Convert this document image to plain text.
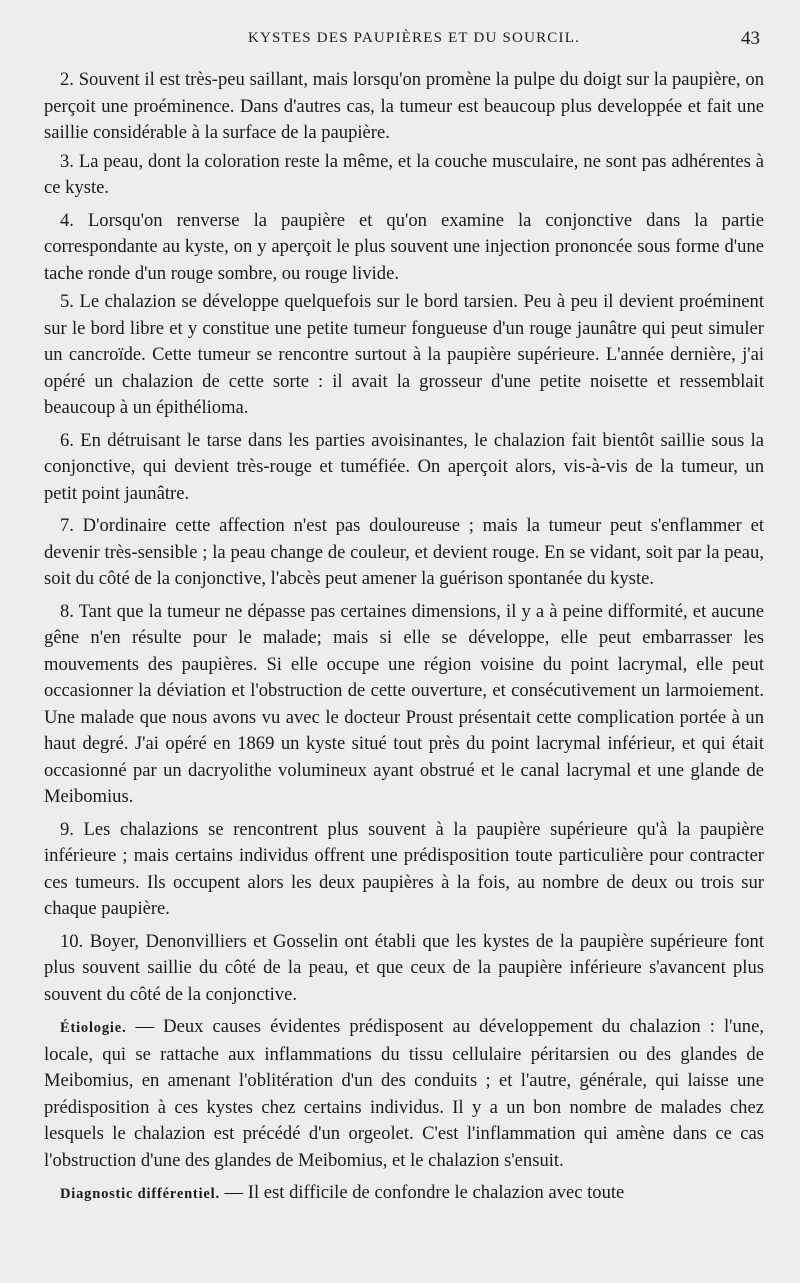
KYSTES DES PAUPIÈRES ET DU SOURCIL.	43

2. Souvent il est très-peu saillant, mais lorsqu'on promène la pulpe du doigt sur la paupière, on perçoit une proéminence. Dans d'autres cas, la tumeur est beaucoup plus developpée et fait une saillie considérable à la surface de la paupière.

3. La peau, dont la coloration reste la même, et la couche musculaire, ne sont pas adhérentes à ce kyste.

4. Lorsqu'on renverse la paupière et qu'on examine la conjonctive dans la partie correspondante au kyste, on y aperçoit le plus souvent une injection prononcée sous forme d'une tache ronde d'un rouge sombre, ou rouge livide.

5. Le chalazion se développe quelquefois sur le bord tarsien. Peu à peu il devient proéminent sur le bord libre et y constitue une petite tumeur fongueuse d'un rouge jaunâtre qui peut simuler un cancroïde. Cette tumeur se rencontre surtout à la paupière supérieure. L'année dernière, j'ai opéré un chalazion de cette sorte : il avait la grosseur d'une petite noisette et ressemblait beaucoup à un épithélioma.

6. En détruisant le tarse dans les parties avoisinantes, le chalazion fait bientôt saillie sous la conjonctive, qui devient très-rouge et tuméfiée. On aperçoit alors, vis-à-vis de la tumeur, un petit point jaunâtre.

7. D'ordinaire cette affection n'est pas douloureuse ; mais la tumeur peut s'enflammer et devenir très-sensible ; la peau change de couleur, et devient rouge. En se vidant, soit par la peau, soit du côté de la conjonctive, l'abcès peut amener la guérison spontanée du kyste.

8. Tant que la tumeur ne dépasse pas certaines dimensions, il y a à peine difformité, et aucune gêne n'en résulte pour le malade; mais si elle se développe, elle peut embarrasser les mouvements des paupières. Si elle occupe une région voisine du point lacrymal, elle peut occasionner la déviation et l'obstruction de cette ouverture, et consécutivement un larmoiement. Une malade que nous avons vu avec le docteur Proust présentait cette complication portée à un haut degré. J'ai opéré en 1869 un kyste situé tout près du point lacrymal inférieur, et qui était occasionné par un dacryolithe volumineux ayant obstrué et le canal lacrymal et une glande de Meibomius.

9. Les chalazions se rencontrent plus souvent à la paupière supérieure qu'à la paupière inférieure ; mais certains individus offrent une prédisposition toute particulière pour contracter ces tumeurs. Ils occupent alors les deux paupières à la fois, au nombre de deux ou trois sur chaque paupière.

10. Boyer, Denonvilliers et Gosselin ont établi que les kystes de la paupière supérieure font plus souvent saillie du côté de la peau, et que ceux de la paupière inférieure s'avancent plus souvent du côté de la conjonctive.

Étiologie. — Deux causes évidentes prédisposent au développement du chalazion : l'une, locale, qui se rattache aux inflammations du tissu cellulaire péritarsien ou des glandes de Meibomius, en amenant l'oblitération d'un des conduits ; et l'autre, générale, qui laisse une prédisposition à ces kystes chez certains individus. Il y a un bon nombre de malades chez lesquels le chalazion est précédé d'un orgeolet. C'est l'inflammation qui amène dans ce cas l'obstruction d'une des glandes de Meibomius, et le chalazion s'ensuit.

Diagnostic différentiel. — Il est difficile de confondre le chalazion avec toute
